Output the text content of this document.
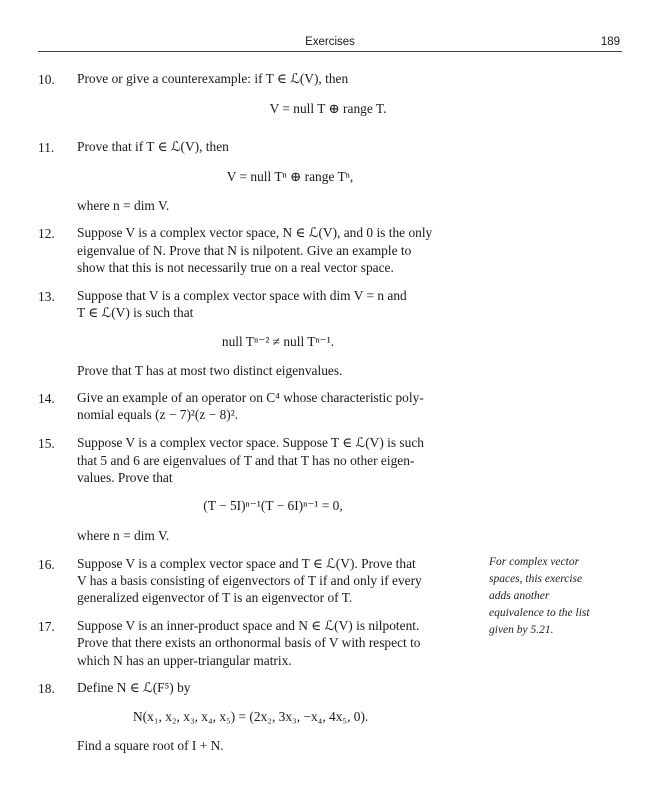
Exercises	189
10.	Prove or give a counterexample: if T ∈ ℒ(V), then
V = null T ⊕ range T.
11.	Prove that if T ∈ ℒ(V), then
V = null Tⁿ ⊕ range Tⁿ,
where n = dim V.
12.	Suppose V is a complex vector space, N ∈ ℒ(V), and 0 is the only
eigenvalue of N. Prove that N is nilpotent. Give an example to
show that this is not necessarily true on a real vector space.
13.	Suppose that V is a complex vector space with dim V = n and
T ∈ ℒ(V) is such that
null Tⁿ⁻² ≠ null Tⁿ⁻¹.
Prove that T has at most two distinct eigenvalues.
14.	Give an example of an operator on C⁴ whose characteristic poly-
nomial equals (z − 7)²(z − 8)².
15.	Suppose V is a complex vector space. Suppose T ∈ ℒ(V) is such
that 5 and 6 are eigenvalues of T and that T has no other eigen-
values. Prove that
(T − 5I)ⁿ⁻¹(T − 6I)ⁿ⁻¹ = 0,
where n = dim V.
16.	Suppose V is a complex vector space and T ∈ ℒ(V). Prove that
V has a basis consisting of eigenvectors of T if and only if every
generalized eigenvector of T is an eigenvector of T.
17.	Suppose V is an inner-product space and N ∈ ℒ(V) is nilpotent.
Prove that there exists an orthonormal basis of V with respect to
which N has an upper-triangular matrix.
18.	Define N ∈ ℒ(F⁵) by
N(x₁, x₂, x₃, x₄, x₅) = (2x₂, 3x₃, −x₄, 4x₅, 0).
Find a square root of I + N.
For complex vector
spaces, this exercise
adds another
equivalence to the list
given by 5.21.
